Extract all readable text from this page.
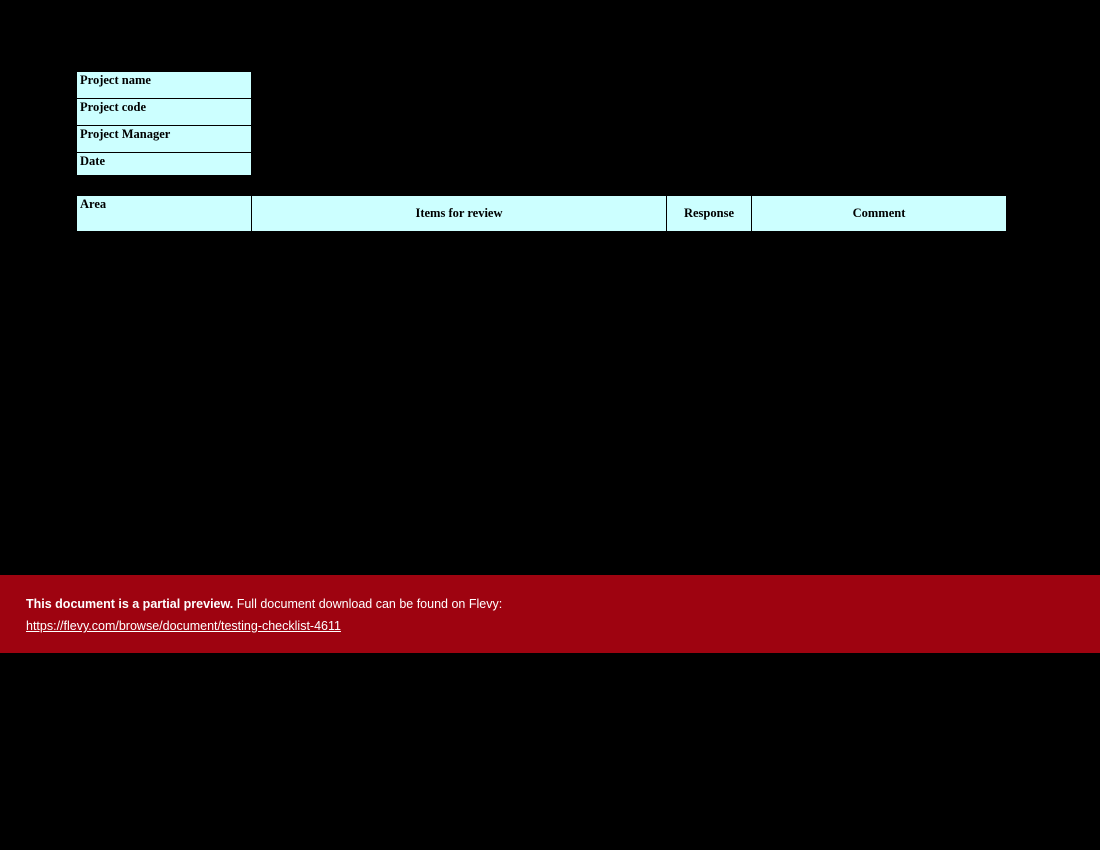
Project name
Project code
Project Manager
Date
Area	Items for review	Response	Comment
This document is a partial preview. Full document download can be found on Flevy:
https://flevy.com/browse/document/testing-checklist-4611
